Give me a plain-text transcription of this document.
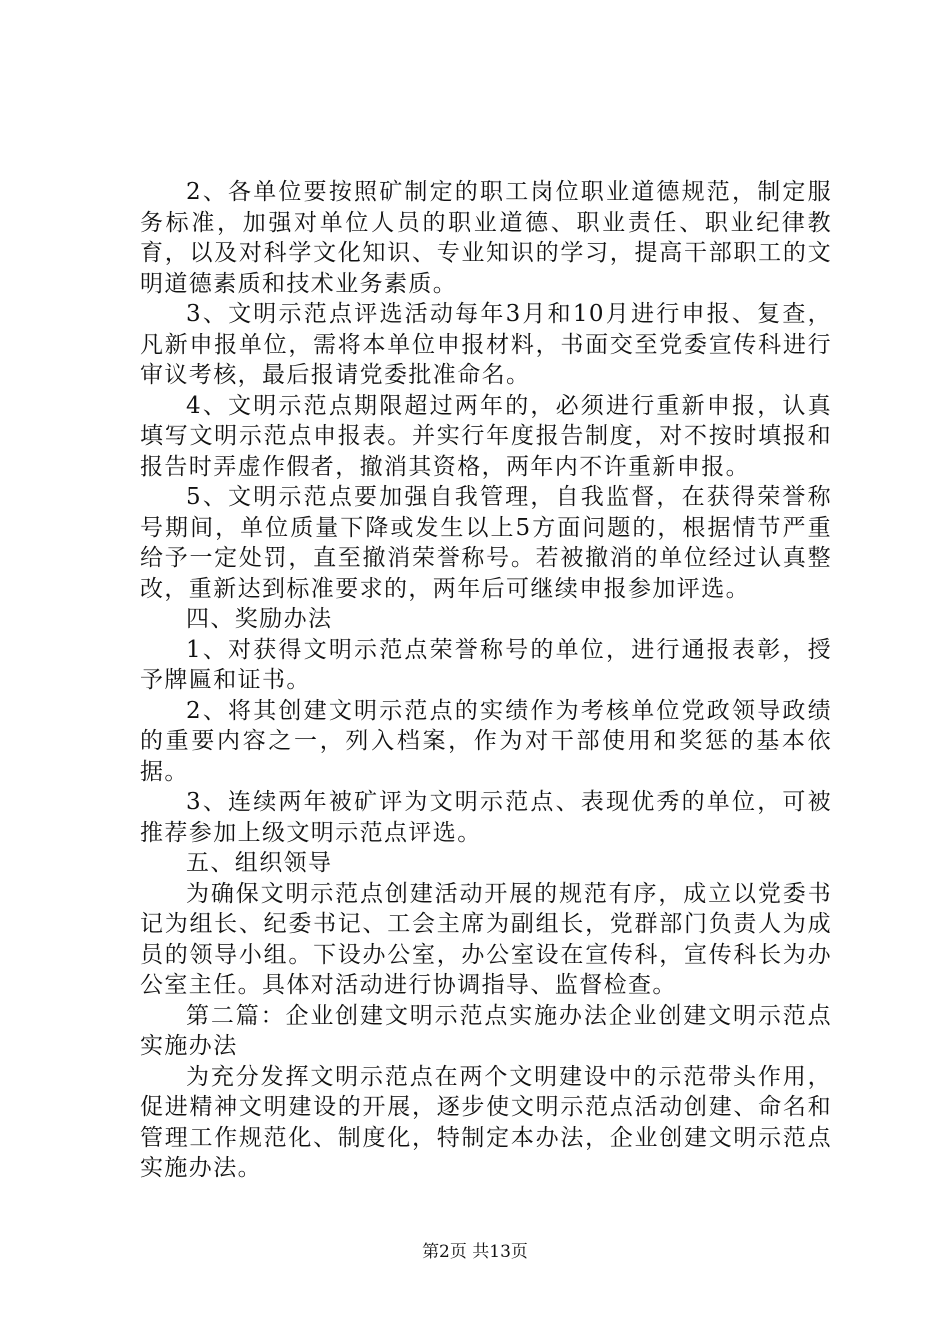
2、各单位要按照矿制定的职工岗位职业道德规范，制定服务标准，加强对单位人员的职业道德、职业责任、职业纪律教育，以及对科学文化知识、专业知识的学习，提高干部职工的文明道德素质和技术业务素质。

3、文明示范点评选活动每年3月和10月进行申报、复查，凡新申报单位，需将本单位申报材料，书面交至党委宣传科进行审议考核，最后报请党委批准命名。

4、文明示范点期限超过两年的，必须进行重新申报，认真填写文明示范点申报表。并实行年度报告制度，对不按时填报和报告时弄虚作假者，撤消其资格，两年内不许重新申报。

5、文明示范点要加强自我管理，自我监督，在获得荣誉称号期间，单位质量下降或发生以上5方面问题的，根据情节严重给予一定处罚，直至撤消荣誉称号。若被撤消的单位经过认真整改，重新达到标准要求的，两年后可继续申报参加评选。

四、奖励办法

1、对获得文明示范点荣誉称号的单位，进行通报表彰，授予牌匾和证书。

2、将其创建文明示范点的实绩作为考核单位党政领导政绩的重要内容之一，列入档案，作为对干部使用和奖惩的基本依据。

3、连续两年被矿评为文明示范点、表现优秀的单位，可被推荐参加上级文明示范点评选。

五、组织领导

为确保文明示范点创建活动开展的规范有序，成立以党委书记为组长、纪委书记、工会主席为副组长，党群部门负责人为成员的领导小组。下设办公室，办公室设在宣传科，宣传科长为办公室主任。具体对活动进行协调指导、监督检查。

第二篇：企业创建文明示范点实施办法企业创建文明示范点实施办法

为充分发挥文明示范点在两个文明建设中的示范带头作用，促进精神文明建设的开展，逐步使文明示范点活动创建、命名和管理工作规范化、制度化，特制定本办法，企业创建文明示范点实施办法。

第2页 共13页
